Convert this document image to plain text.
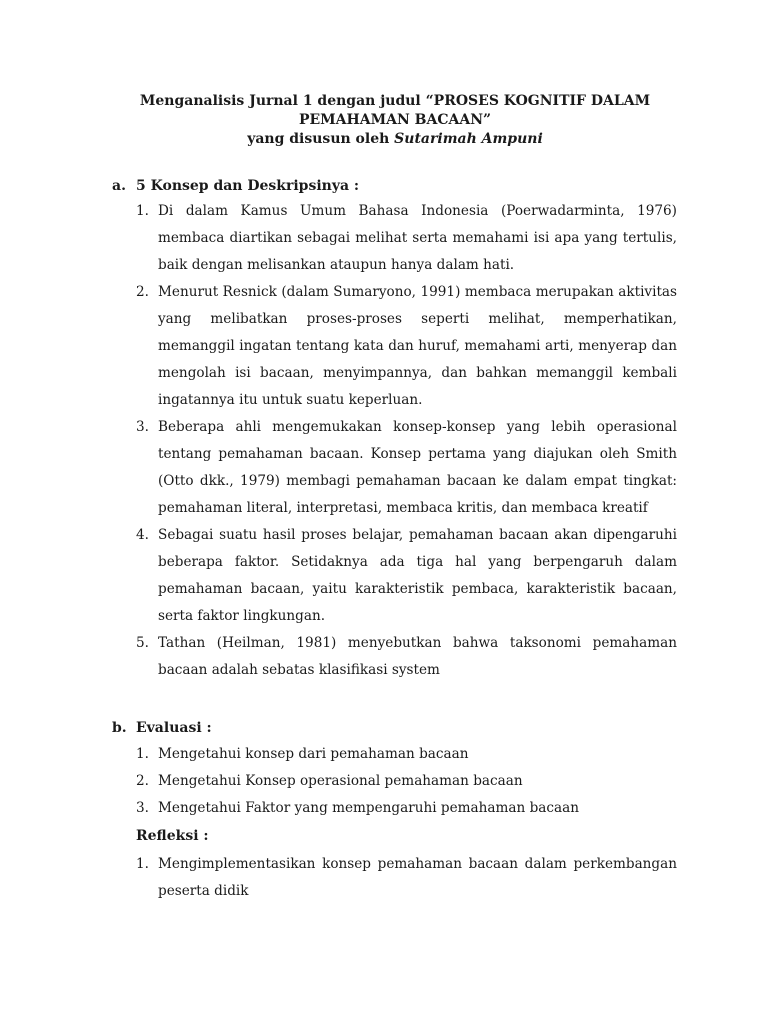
Menganalisis Jurnal 1 dengan judul “PROSES KOGNITIF DALAM
PEMAHAMAN BACAAN”
yang disusun oleh Sutarimah Ampuni
a. 5 Konsep dan Deskripsinya :
1. Di dalam Kamus Umum Bahasa Indonesia (Poerwadarminta, 1976) membaca diartikan sebagai melihat serta memahami isi apa yang tertulis, baik dengan melisankan ataupun hanya dalam hati.
2. Menurut Resnick (dalam Sumaryono, 1991) membaca merupakan aktivitas yang melibatkan proses-proses seperti melihat, memperhatikan, memanggil ingatan tentang kata dan huruf, memahami arti, menyerap dan mengolah isi bacaan, menyimpannya, dan bahkan memanggil kembali ingatannya itu untuk suatu keperluan.
3. Beberapa ahli mengemukakan konsep-konsep yang lebih operasional tentang pemahaman bacaan. Konsep pertama yang diajukan oleh Smith (Otto dkk., 1979) membagi pemahaman bacaan ke dalam empat tingkat: pemahaman literal, interpretasi, membaca kritis, dan membaca kreatif
4. Sebagai suatu hasil proses belajar, pemahaman bacaan akan dipengaruhi beberapa faktor. Setidaknya ada tiga hal yang berpengaruh dalam pemahaman bacaan, yaitu karakteristik pembaca, karakteristik bacaan, serta faktor lingkungan.
5. Tathan (Heilman, 1981) menyebutkan bahwa taksonomi pemahaman bacaan adalah sebatas klasifikasi system
b. Evaluasi :
1. Mengetahui konsep dari pemahaman bacaan
2. Mengetahui Konsep operasional pemahaman bacaan
3. Mengetahui Faktor yang mempengaruhi pemahaman bacaan
Refleksi :
1. Mengimplementasikan konsep pemahaman bacaan dalam perkembangan peserta didik
